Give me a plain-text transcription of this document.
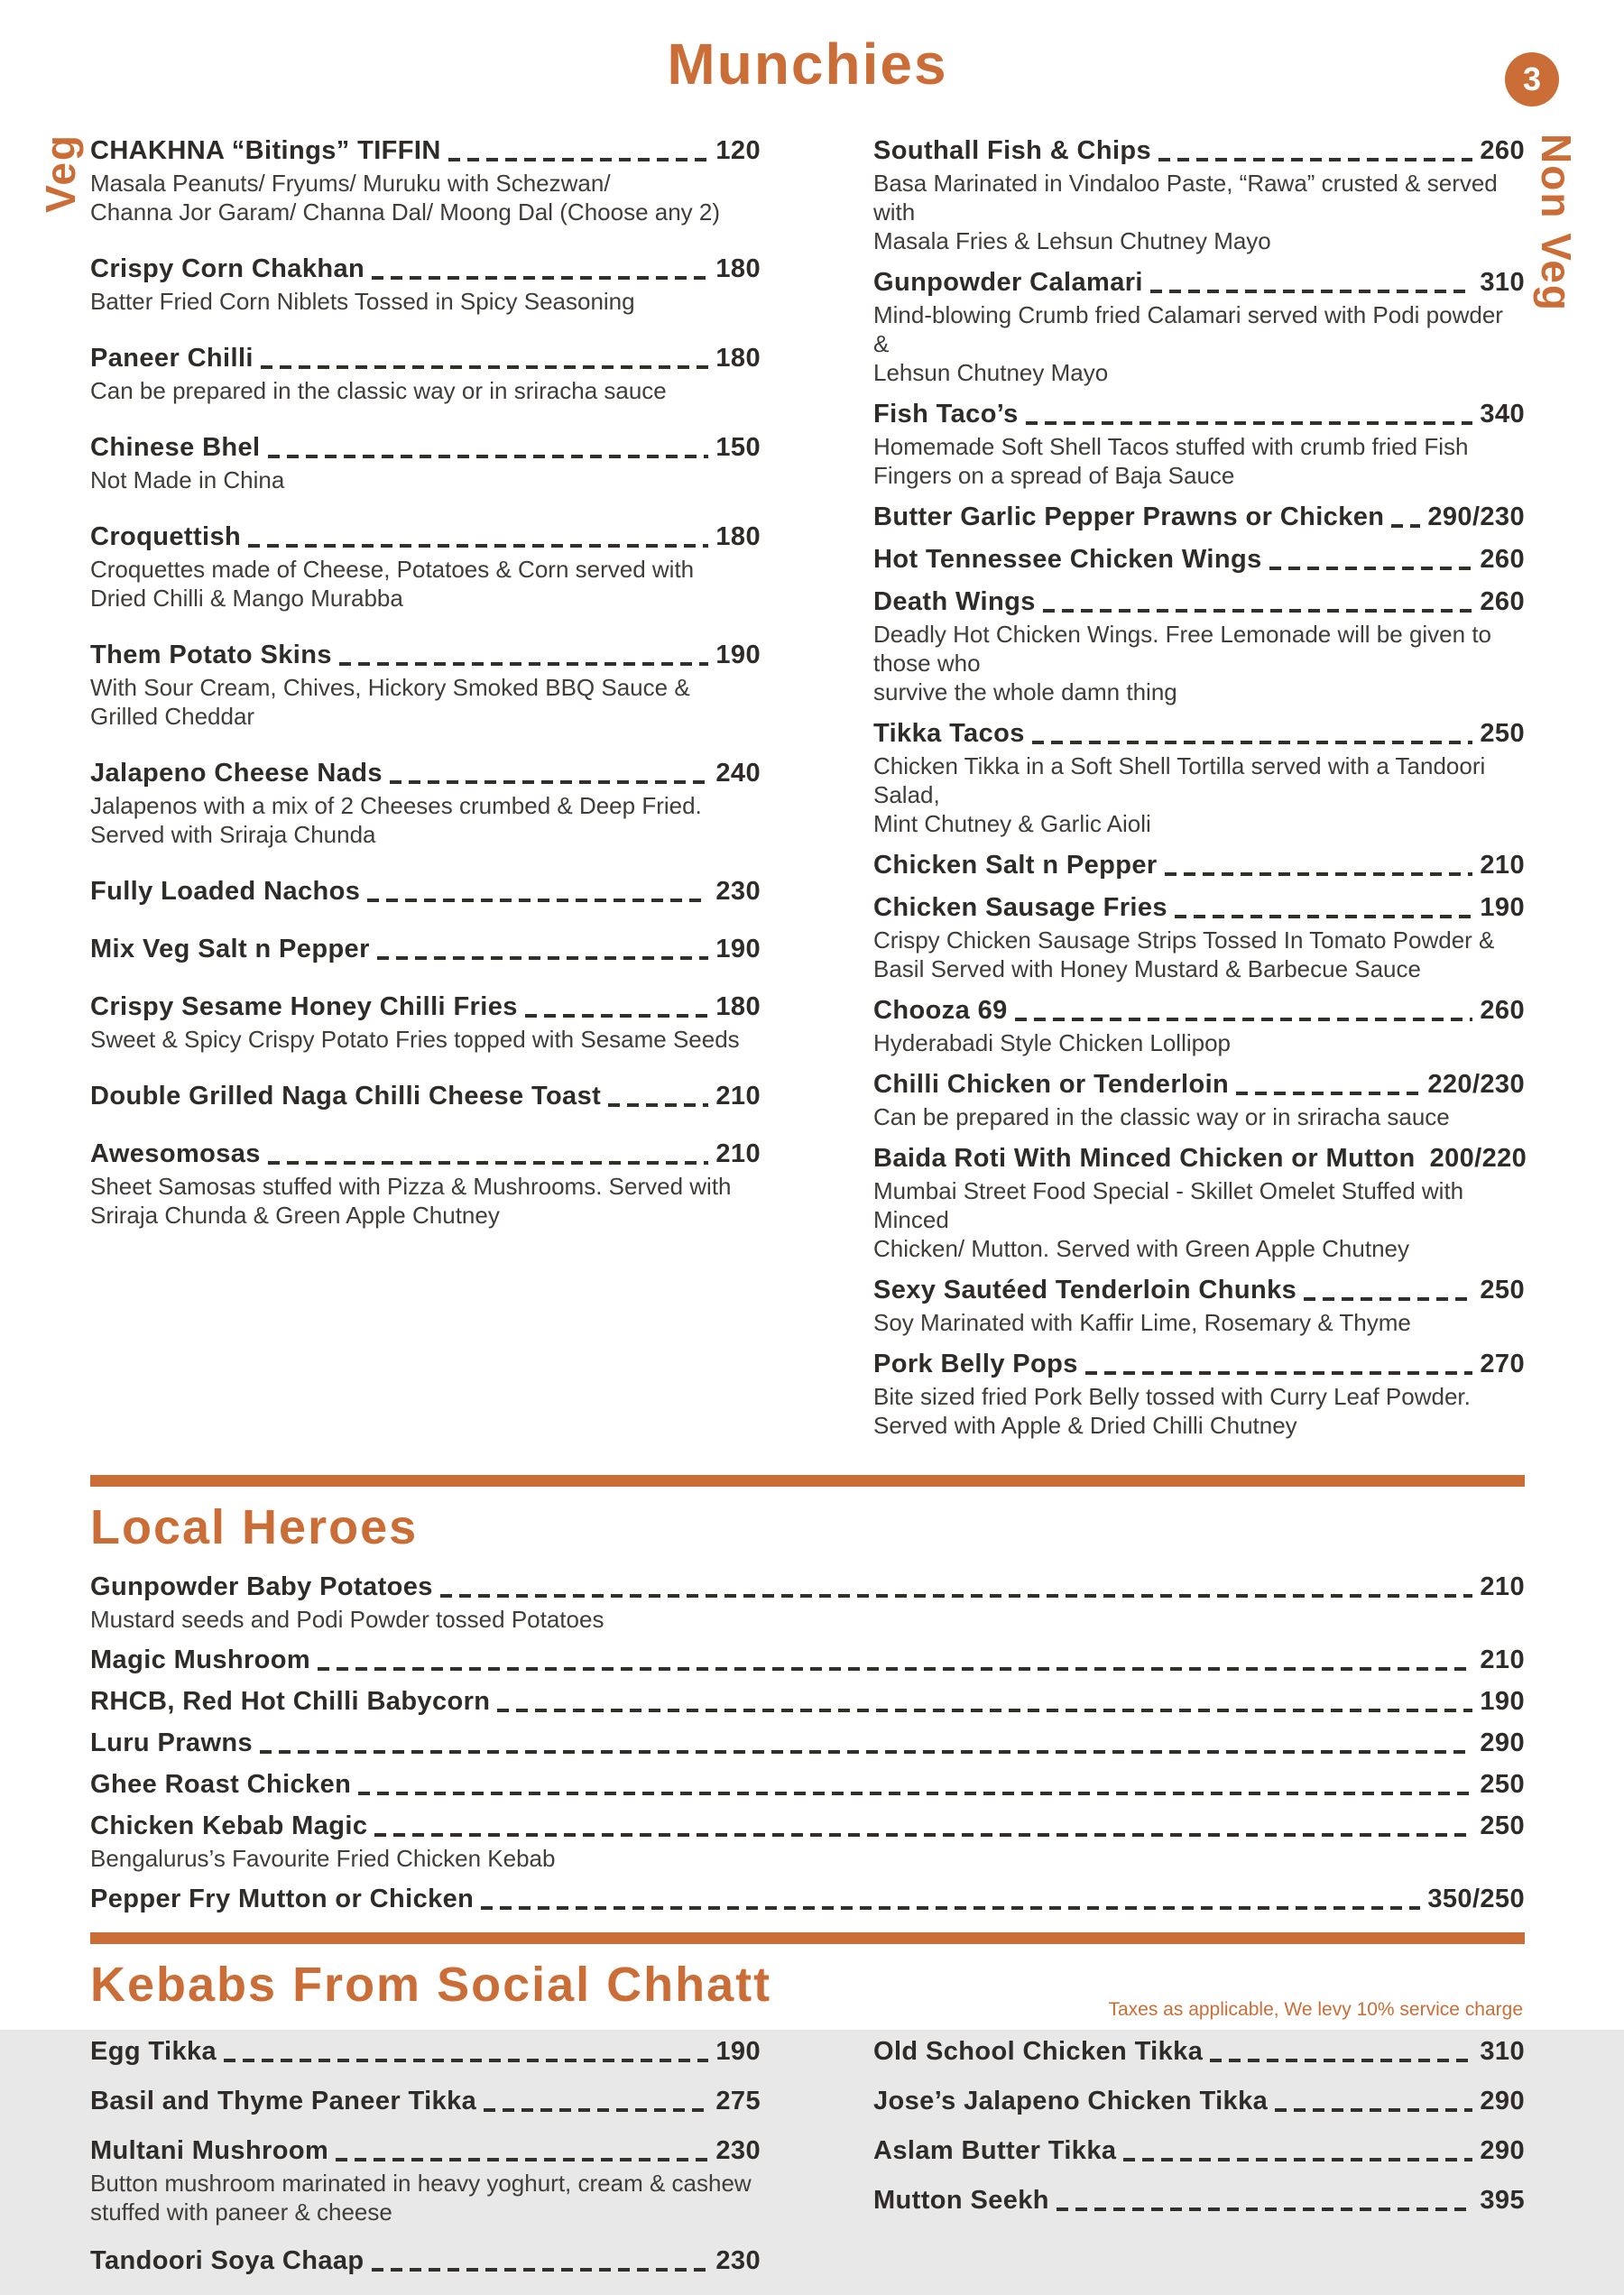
Munchies	3
Veg	Non Veg
CHAKHNA “Bitings” TIFFIN	120
Masala Peanuts/ Fryums/ Muruku with Schezwan/
Channa Jor Garam/ Channa Dal/ Moong Dal (Choose any 2)
Crispy Corn Chakhan	180
Batter Fried Corn Niblets Tossed in Spicy Seasoning
Paneer Chilli	180
Can be prepared in the classic way or in sriracha sauce
Chinese Bhel	150
Not Made in China
Croquettish	180
Croquettes made of Cheese, Potatoes & Corn served with
Dried Chilli & Mango Murabba
Them Potato Skins	190
With Sour Cream, Chives, Hickory Smoked BBQ Sauce &
Grilled Cheddar
Jalapeno Cheese Nads	240
Jalapenos with a mix of 2 Cheeses crumbed & Deep Fried.
Served with Sriraja Chunda
Fully Loaded Nachos	230
Mix Veg Salt n Pepper	190
Crispy Sesame Honey Chilli Fries	180
Sweet & Spicy Crispy Potato Fries topped with Sesame Seeds
Double Grilled Naga Chilli Cheese Toast	210
Awesomosas	210
Sheet Samosas stuffed with Pizza & Mushrooms. Served with
Sriraja Chunda & Green Apple Chutney
Southall Fish & Chips	260
Basa Marinated in Vindaloo Paste, “Rawa” crusted & served with
Masala Fries & Lehsun Chutney Mayo
Gunpowder Calamari	310
Mind-blowing Crumb fried Calamari served with Podi powder &
Lehsun Chutney Mayo
Fish Taco’s	340
Homemade Soft Shell Tacos stuffed with crumb fried Fish
Fingers on a spread of Baja Sauce
Butter Garlic Pepper Prawns or Chicken 290/230
Hot Tennessee Chicken Wings	260
Death Wings	260
Deadly Hot Chicken Wings. Free Lemonade will be given to those who
survive the whole damn thing
Tikka Tacos	250
Chicken Tikka in a Soft Shell Tortilla served with a Tandoori Salad,
Mint Chutney & Garlic Aioli
Chicken Salt n Pepper	210
Chicken Sausage Fries	190
Crispy Chicken Sausage Strips Tossed In Tomato Powder &
Basil Served with Honey Mustard & Barbecue Sauce
Chooza 69	260
Hyderabadi Style Chicken Lollipop
Chilli Chicken or Tenderloin	220/230
Can be prepared in the classic way or in sriracha sauce
Baida Roti With Minced Chicken or Mutton 200/220
Mumbai Street Food Special - Skillet Omelet Stuffed with Minced
Chicken/ Mutton. Served with Green Apple Chutney
Sexy Sautéed Tenderloin Chunks	250
Soy Marinated with Kaffir Lime, Rosemary & Thyme
Pork Belly Pops	270
Bite sized fried Pork Belly tossed with Curry Leaf Powder.
Served with Apple & Dried Chilli Chutney
Local Heroes
Gunpowder Baby Potatoes	210
Mustard seeds and Podi Powder tossed Potatoes
Magic Mushroom	210
RHCB, Red Hot Chilli Babycorn	190
Luru Prawns	290
Ghee Roast Chicken	250
Chicken Kebab Magic	250
Bengalurus’s Favourite Fried Chicken Kebab
Pepper Fry Mutton or Chicken	350/250
Kebabs From Social Chhatt
Egg Tikka	190
Basil and Thyme Paneer Tikka	275
Multani Mushroom	230
Button mushroom marinated in heavy yoghurt, cream & cashew
stuffed with paneer & cheese
Tandoori Soya Chaap	230
Old School Chicken Tikka	310
Jose’s Jalapeno Chicken Tikka	290
Aslam Butter Tikka	290
Mutton Seekh	395
Taxes as applicable, We levy 10% service charge
